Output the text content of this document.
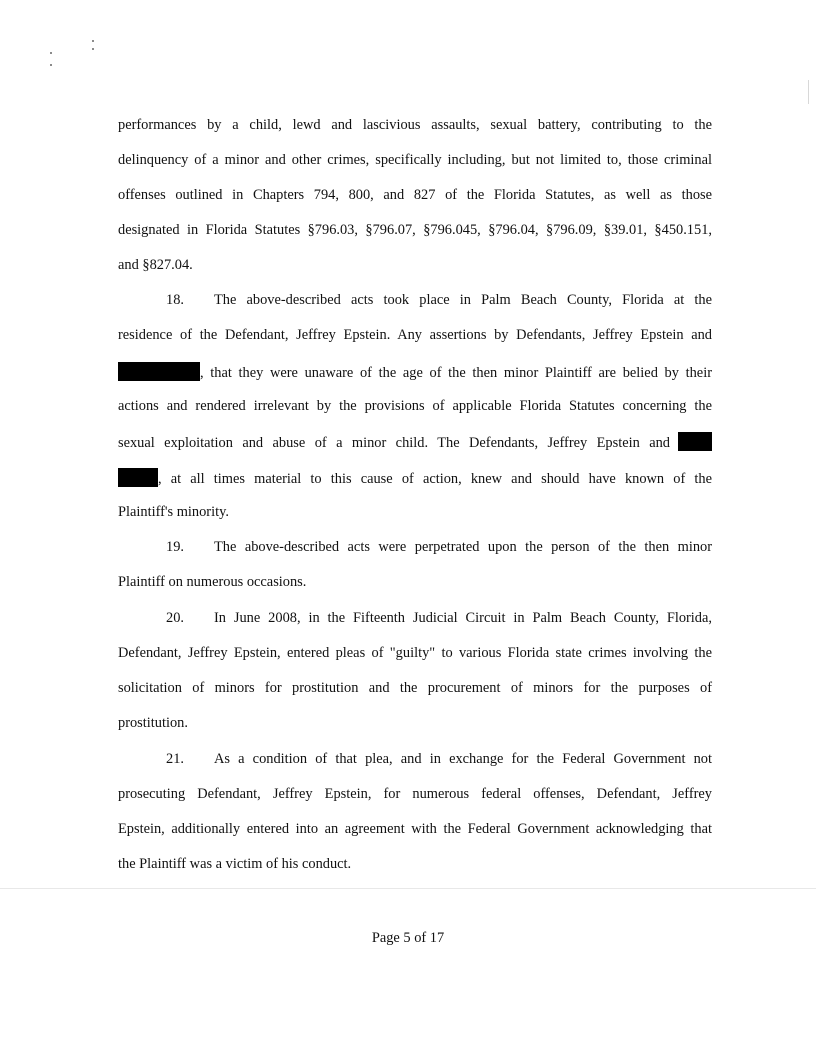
performances by a child, lewd and lascivious assaults, sexual battery, contributing to the
delinquency of a minor and other crimes, specifically including, but not limited to, those criminal
offenses outlined in Chapters 794, 800, and 827 of the Florida Statutes, as well as those
designated in Florida Statutes §796.03, §796.07, §796.045, §796.04, §796.09, §39.01, §450.151,
and §827.04.
18. The above-described acts took place in Palm Beach County, Florida at the
residence of the Defendant, Jeffrey Epstein. Any assertions by Defendants, Jeffrey Epstein and
, that they were unaware of the age of the then minor Plaintiff are belied by their
actions and rendered irrelevant by the provisions of applicable Florida Statutes concerning the
sexual exploitation and abuse of a minor child. The Defendants, Jeffrey Epstein and
, at all times material to this cause of action, knew and should have known of the
Plaintiff's minority.
19. The above-described acts were perpetrated upon the person of the then minor
Plaintiff on numerous occasions.
20. In June 2008, in the Fifteenth Judicial Circuit in Palm Beach County, Florida,
Defendant, Jeffrey Epstein, entered pleas of "guilty" to various Florida state crimes involving the
solicitation of minors for prostitution and the procurement of minors for the purposes of
prostitution.
21. As a condition of that plea, and in exchange for the Federal Government not
prosecuting Defendant, Jeffrey Epstein, for numerous federal offenses, Defendant, Jeffrey
Epstein, additionally entered into an agreement with the Federal Government acknowledging that
the Plaintiff was a victim of his conduct.
Page 5 of 17
